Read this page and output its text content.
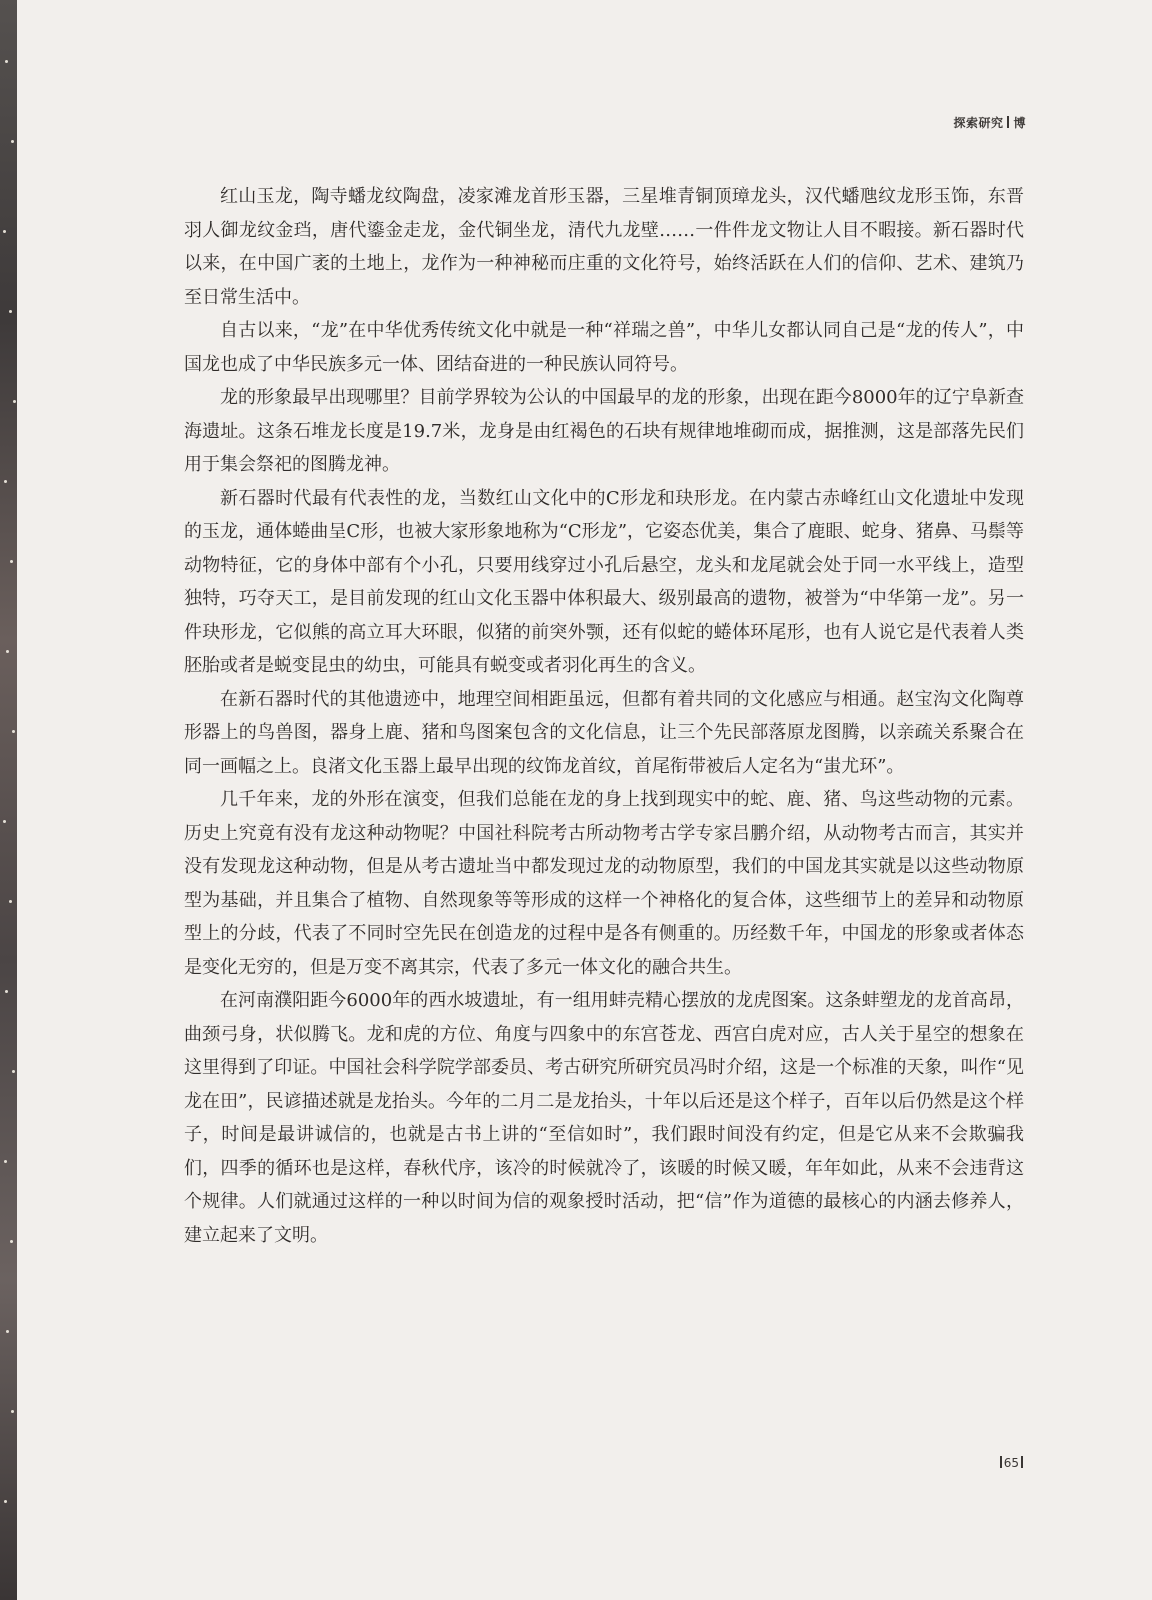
探索研究 博

红山玉龙，陶寺蟠龙纹陶盘，凌家滩龙首形玉器，三星堆青铜顶璋龙头，汉代蟠虺纹龙形玉饰，东晋羽人御龙纹金珰，唐代鎏金走龙，金代铜坐龙，清代九龙壁……一件件龙文物让人目不暇接。新石器时代以来，在中国广袤的土地上，龙作为一种神秘而庄重的文化符号，始终活跃在人们的信仰、艺术、建筑乃至日常生活中。

自古以来，“龙”在中华优秀传统文化中就是一种“祥瑞之兽”，中华儿女都认同自己是“龙的传人”，中国龙也成了中华民族多元一体、团结奋进的一种民族认同符号。

龙的形象最早出现哪里？目前学界较为公认的中国最早的龙的形象，出现在距今8000年的辽宁阜新查海遗址。这条石堆龙长度是19.7米，龙身是由红褐色的石块有规律地堆砌而成，据推测，这是部落先民们用于集会祭祀的图腾龙神。

新石器时代最有代表性的龙，当数红山文化中的C形龙和玦形龙。在内蒙古赤峰红山文化遗址中发现的玉龙，通体蜷曲呈C形，也被大家形象地称为“C形龙”，它姿态优美，集合了鹿眼、蛇身、猪鼻、马鬃等动物特征，它的身体中部有个小孔，只要用线穿过小孔后悬空，龙头和龙尾就会处于同一水平线上，造型独特，巧夺天工，是目前发现的红山文化玉器中体积最大、级别最高的遗物，被誉为“中华第一龙”。另一件玦形龙，它似熊的高立耳大环眼，似猪的前突外颚，还有似蛇的蜷体环尾形，也有人说它是代表着人类胚胎或者是蜕变昆虫的幼虫，可能具有蜕变或者羽化再生的含义。

在新石器时代的其他遗迹中，地理空间相距虽远，但都有着共同的文化感应与相通。赵宝沟文化陶尊形器上的鸟兽图，器身上鹿、猪和鸟图案包含的文化信息，让三个先民部落原龙图腾，以亲疏关系聚合在同一画幅之上。良渚文化玉器上最早出现的纹饰龙首纹，首尾衔带被后人定名为“蚩尤环”。

几千年来，龙的外形在演变，但我们总能在龙的身上找到现实中的蛇、鹿、猪、鸟这些动物的元素。历史上究竟有没有龙这种动物呢？中国社科院考古所动物考古学专家吕鹏介绍，从动物考古而言，其实并没有发现龙这种动物，但是从考古遗址当中都发现过龙的动物原型，我们的中国龙其实就是以这些动物原型为基础，并且集合了植物、自然现象等等形成的这样一个神格化的复合体，这些细节上的差异和动物原型上的分歧，代表了不同时空先民在创造龙的过程中是各有侧重的。历经数千年，中国龙的形象或者体态是变化无穷的，但是万变不离其宗，代表了多元一体文化的融合共生。

在河南濮阳距今6000年的西水坡遗址，有一组用蚌壳精心摆放的龙虎图案。这条蚌塑龙的龙首高昂，曲颈弓身，状似腾飞。龙和虎的方位、角度与四象中的东宫苍龙、西宫白虎对应，古人关于星空的想象在这里得到了印证。中国社会科学院学部委员、考古研究所研究员冯时介绍，这是一个标准的天象，叫作“见龙在田”，民谚描述就是龙抬头。今年的二月二是龙抬头，十年以后还是这个样子，百年以后仍然是这个样子，时间是最讲诚信的，也就是古书上讲的“至信如时”，我们跟时间没有约定，但是它从来不会欺骗我们，四季的循环也是这样，春秋代序，该冷的时候就冷了，该暖的时候又暖，年年如此，从来不会违背这个规律。人们就通过这样的一种以时间为信的观象授时活动，把“信”作为道德的最核心的内涵去修养人，建立起来了文明。

65
